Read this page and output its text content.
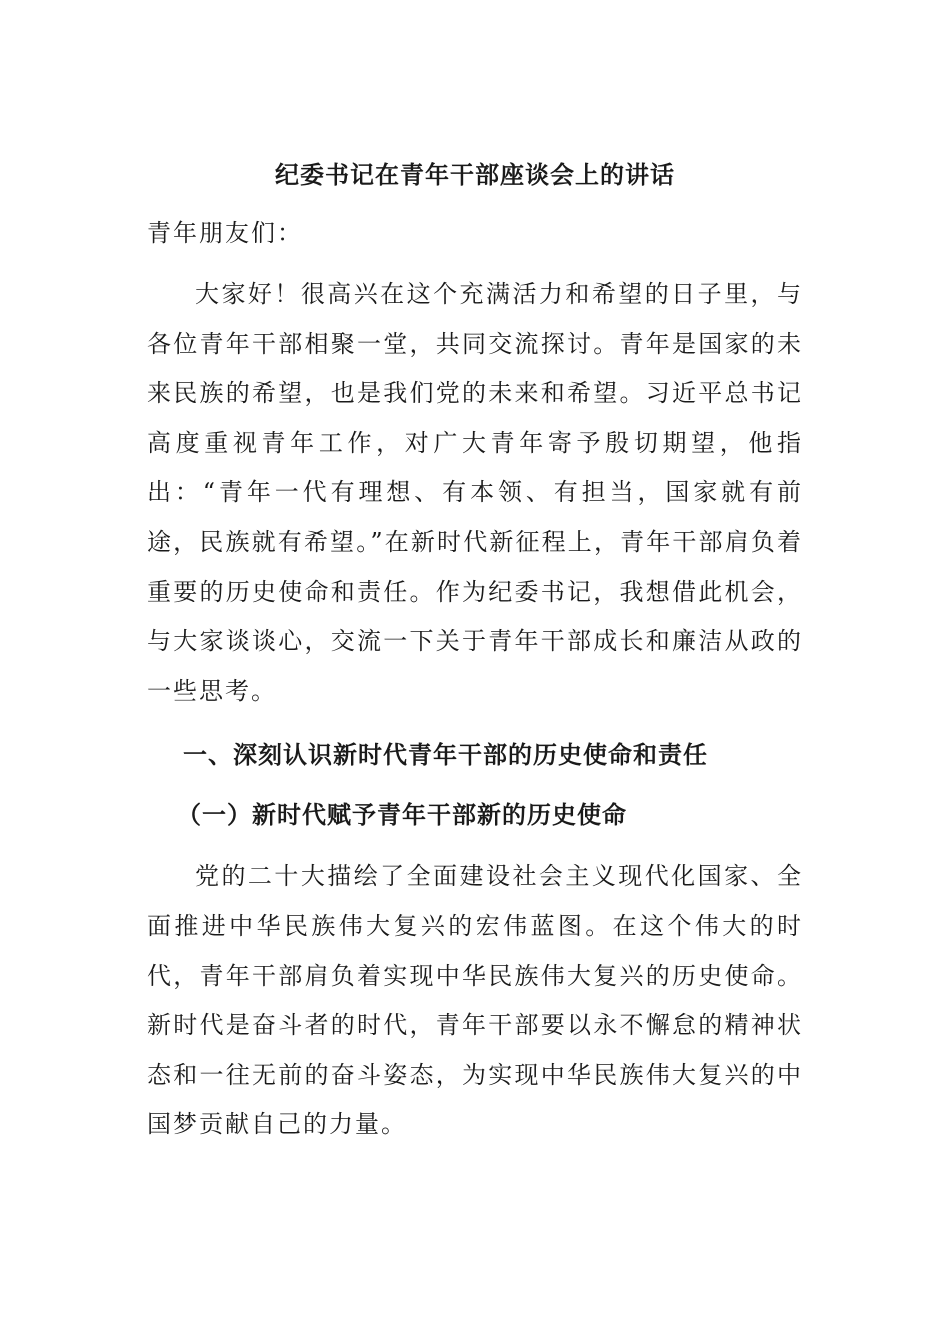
纪委书记在青年干部座谈会上的讲话

青年朋友们：

大家好！很高兴在这个充满活力和希望的日子里，与各位青年干部相聚一堂，共同交流探讨。青年是国家的未来民族的希望，也是我们党的未来和希望。习近平总书记高度重视青年工作，对广大青年寄予殷切期望，他指出：“青年一代有理想、有本领、有担当，国家就有前途，民族就有希望。”在新时代新征程上，青年干部肩负着重要的历史使命和责任。作为纪委书记，我想借此机会，与大家谈谈心，交流一下关于青年干部成长和廉洁从政的一些思考。

一、深刻认识新时代青年干部的历史使命和责任
（一）新时代赋予青年干部新的历史使命

党的二十大描绘了全面建设社会主义现代化国家、全面推进中华民族伟大复兴的宏伟蓝图。在这个伟大的时代，青年干部肩负着实现中华民族伟大复兴的历史使命。新时代是奋斗者的时代，青年干部要以永不懈怠的精神状态和一往无前的奋斗姿态，为实现中华民族伟大复兴的中国梦贡献自己的力量。
